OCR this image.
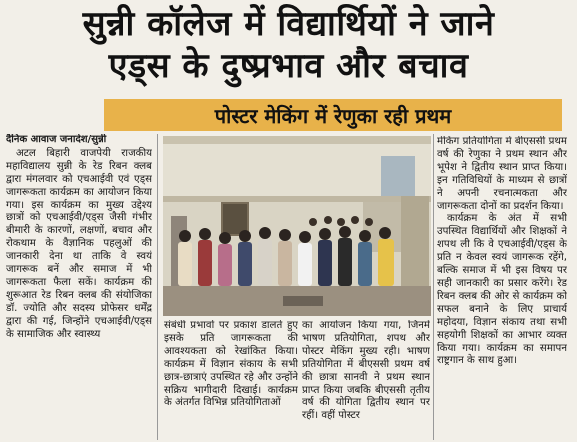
सुन्नी कॉलेज में विद्यार्थियों ने जाने
एड्स के दुष्प्रभाव और बचाव
पोस्टर मेकिंग में रेणुका रही प्रथम
दैनिक आवाज जनादेश/सुन्नी

अटल बिहारी वाजपेयी राजकीय महाविद्यालय सुन्नी के रेड रिबन क्लब द्वारा मंगलवार को एचआईवी एवं एड्स जागरूकता कार्यक्रम का आयोजन किया गया। इस कार्यक्रम का मुख्य उद्देश्य छात्रों को एचआईवी/एड्स जैसी गंभीर बीमारी के कारणों, लक्षणों, बचाव और रोकथाम के वैज्ञानिक पहलुओं की जानकारी देना था ताकि वे स्वयं जागरूक बनें और समाज में भी जागरूकता फैला सकें। कार्यक्रम की शुरूआत रेड रिबन क्लब की संयोजिका डॉ. ज्योति और सदस्य प्रोफेसर धर्मेंद्र द्वारा की गई, जिन्होंने एचआईवी/एड्स के सामाजिक और स्वास्थ्य

संबंधी प्रभावों पर प्रकाश डालते हुए इसके प्रति जागरूकता की आवश्यकता को रेखांकित किया। कार्यक्रम में विज्ञान संकाय के सभी छात्र-छात्राएं उपस्थित रहे और उन्होंने सक्रिय भागीदारी दिखाई। कार्यक्रम के अंतर्गत विभिन्न प्रतियोगिताओं

का आयोजन किया गया, जिनमें भाषण प्रतियोगिता, शपथ और पोस्टर मेकिंग मुख्य रही। भाषण प्रतियोगिता में बीएससी प्रथम वर्ष की छात्रा सानवी ने प्रथम स्थान प्राप्त किया जबकि बीएससी तृतीय वर्ष की योगिता द्वितीय स्थान पर रहीं। वहीं पोस्टर

मेकिंग प्रतियोगिता में बीएससी प्रथम वर्ष की रेणुका ने प्रथम स्थान और भूपेश ने द्वितीय स्थान प्राप्त किया। इन गतिविधियों के माध्यम से छात्रों ने अपनी रचनात्मकता और जागरूकता दोनों का प्रदर्शन किया।

कार्यक्रम के अंत में सभी उपस्थित विद्यार्थियों और शिक्षकों ने शपथ ली कि वे एचआईवी/एड्स के प्रति न केवल स्वयं जागरूक रहेंगे, बल्कि समाज में भी इस विषय पर सही जानकारी का प्रसार करेंगे। रेड रिबन क्लब की ओर से कार्यक्रम को सफल बनाने के लिए प्राचार्य महोदया, विज्ञान संकाय तथा सभी सहयोगी शिक्षकों का आभार व्यक्त किया गया। कार्यक्रम का समापन राष्ट्रगान के साथ हुआ।
